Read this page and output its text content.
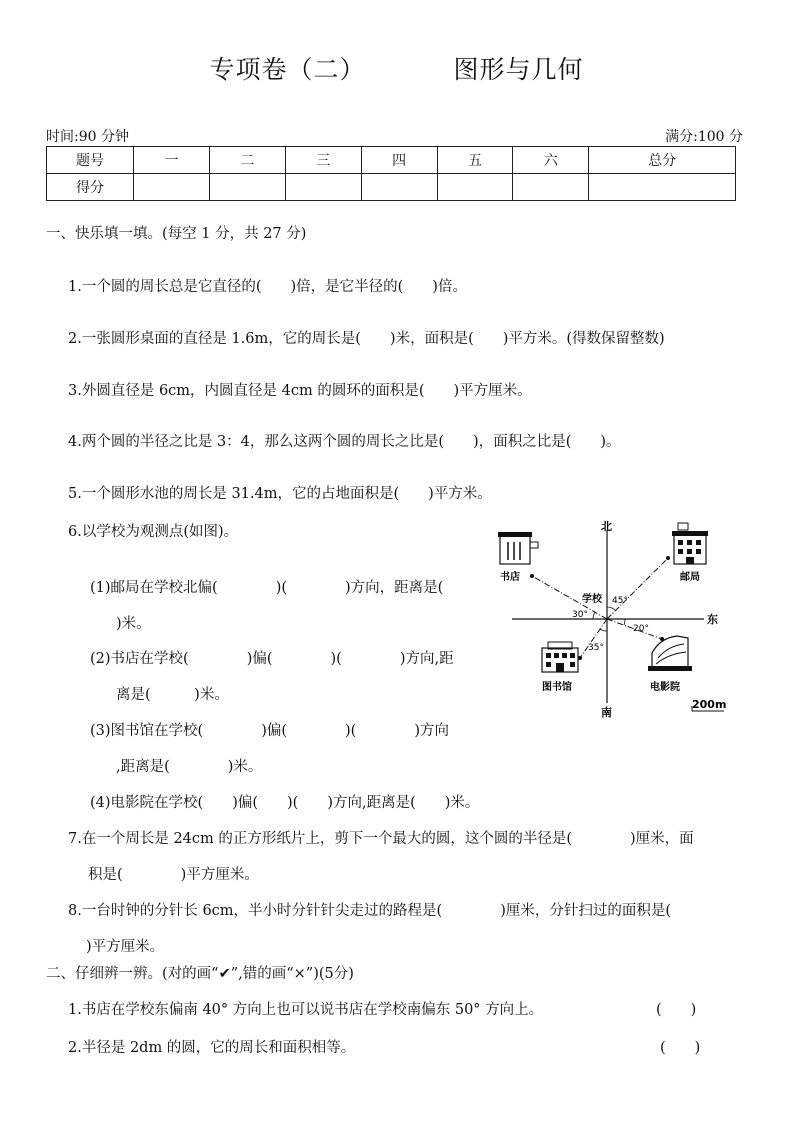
专项卷（二）	图形与几何
时间:90 分钟	满分:100 分
题号	一	二	三	四	五	六	总分
得分							
一、快乐填一填。(每空 1 分，共 27 分)
1.一个圆的周长总是它直径的(　　)倍，是它半径的(　　)倍。
2.一张圆形桌面的直径是 1.6m，它的周长是(　　)米，面积是(　　)平方米。(得数保留整数)
3.外圆直径是 6cm，内圆直径是 4cm 的圆环的面积是(　　)平方厘米。
4.两个圆的半径之比是 3：4，那么这两个圆的周长之比是(　　)，面积之比是(　　)。
5.一个圆形水池的周长是 31.4m，它的占地面积是(　　)平方米。
6.以学校为观测点(如图)。
(1)邮局在学校北偏(　　　　)(　　　　)方向，距离是(
)米。
(2)书店在学校(　　　　)偏(　　　　)(　　　　)方向,距
离是(　　　)米。
(3)图书馆在学校(　　　　)偏(　　　　)(　　　　)方向
,距离是(　　　　)米。
(4)电影院在学校(　　)偏(　　)(　　)方向,距离是(　　)米。
7.在一个周长是 24cm 的正方形纸片上，剪下一个最大的圆，这个圆的半径是(　　　　)厘米，面
积是(　　　　)平方厘米。
8.一台时钟的分针长 6cm，半小时分针针尖走过的路程是(　　　　)厘米，分针扫过的面积是(
)平方厘米。
二、仔细辨一辨。(对的画“✔”,错的画“×”)(5分)
1.书店在学校东偏南 40° 方向上也可以说书店在学校南偏东 50° 方向上。	(　　)
2.半径是 2dm 的圆，它的周长和面积相等。	(　　)
北
南
东
45°
30°
20°
35°
学校
书店	邮局
图书馆	电影院
200m
